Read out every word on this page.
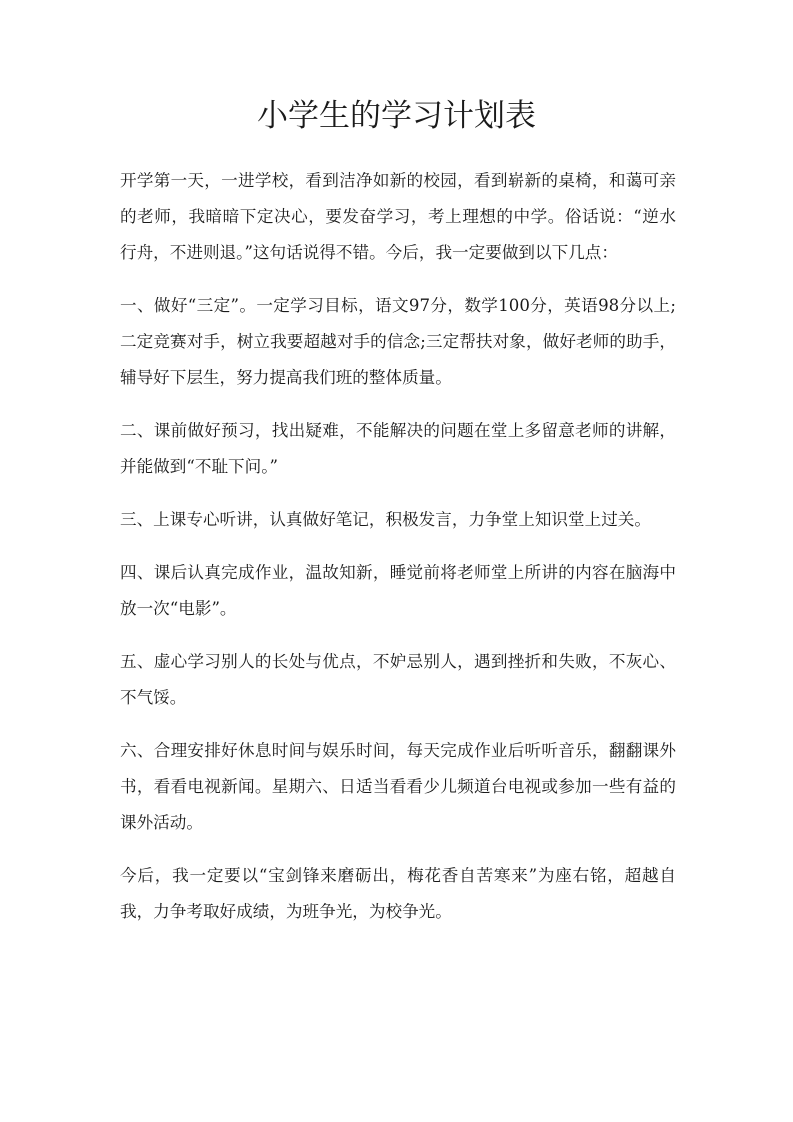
小学生的学习计划表

开学第一天，一进学校，看到洁净如新的校园，看到崭新的桌椅，和蔼可亲的老师，我暗暗下定决心，要发奋学习，考上理想的中学。俗话说：“逆水行舟，不进则退。”这句话说得不错。今后，我一定要做到以下几点：

一、做好“三定”。一定学习目标，语文97分，数学100分，英语98分以上;二定竞赛对手，树立我要超越对手的信念;三定帮扶对象，做好老师的助手，辅导好下层生，努力提高我们班的整体质量。

二、课前做好预习，找出疑难，不能解决的问题在堂上多留意老师的讲解，并能做到“不耻下问。”

三、上课专心听讲，认真做好笔记，积极发言，力争堂上知识堂上过关。

四、课后认真完成作业，温故知新，睡觉前将老师堂上所讲的内容在脑海中放一次“电影”。

五、虚心学习别人的长处与优点，不妒忌别人，遇到挫折和失败，不灰心、不气馁。

六、合理安排好休息时间与娱乐时间，每天完成作业后听听音乐，翻翻课外书，看看电视新闻。星期六、日适当看看少儿频道台电视或参加一些有益的课外活动。

今后，我一定要以“宝剑锋来磨砺出，梅花香自苦寒来”为座右铭，超越自我，力争考取好成绩，为班争光，为校争光。
